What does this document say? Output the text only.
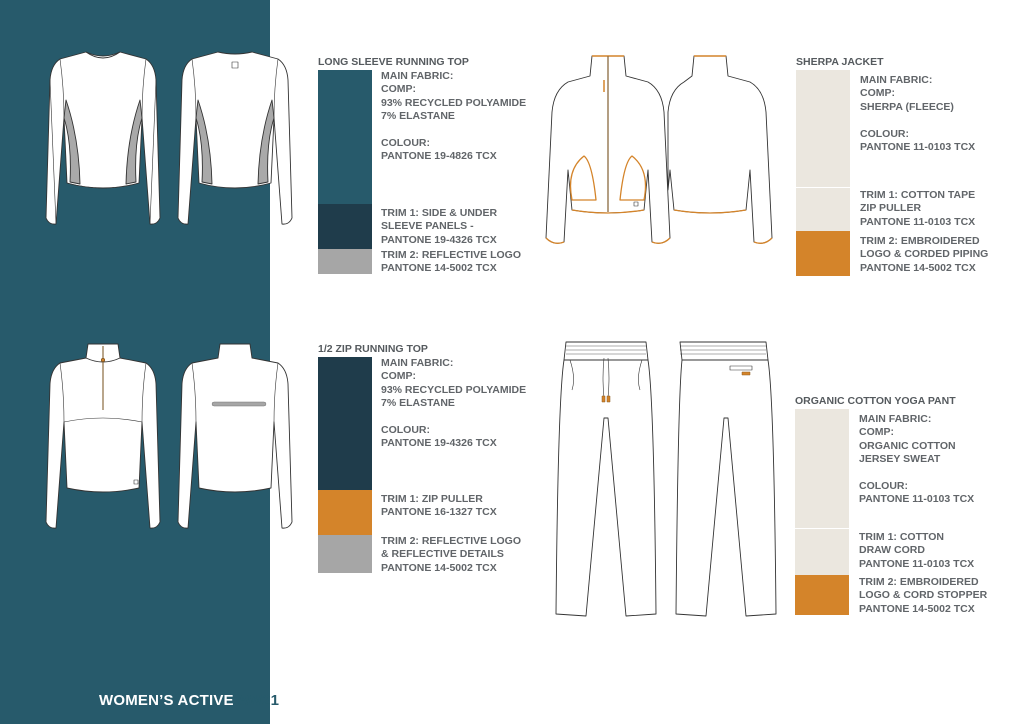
LONG SLEEVE RUNNING TOP
MAIN FABRIC:
COMP:
93% RECYCLED POLYAMIDE
7% ELASTANE

COLOUR:
PANTONE 19-4826 TCX
TRIM 1: SIDE & UNDER
SLEEVE PANELS -
PANTONE 19-4326 TCX
TRIM 2: REFLECTIVE LOGO
PANTONE 14-5002 TCX
1/2 ZIP RUNNING TOP
MAIN FABRIC:
COMP:
93% RECYCLED POLYAMIDE
7% ELASTANE

COLOUR:
PANTONE 19-4326 TCX
TRIM 1: ZIP PULLER
PANTONE 16-1327 TCX
TRIM 2: REFLECTIVE LOGO
& REFLECTIVE DETAILS
PANTONE 14-5002 TCX
SHERPA JACKET
MAIN FABRIC:
COMP:
SHERPA (FLEECE)

COLOUR:
PANTONE 11-0103 TCX
TRIM 1: COTTON TAPE
ZIP PULLER
PANTONE 11-0103 TCX
TRIM 2: EMBROIDERED
LOGO & CORDED PIPING
PANTONE 14-5002 TCX
ORGANIC COTTON YOGA PANT
MAIN FABRIC:
COMP:
ORGANIC COTTON
JERSEY SWEAT

COLOUR:
PANTONE 11-0103 TCX
TRIM 1: COTTON
DRAW CORD
PANTONE 11-0103 TCX
TRIM 2: EMBROIDERED
LOGO & CORD STOPPER
PANTONE 14-5002 TCX
WOMEN’S ACTIVE AW21
